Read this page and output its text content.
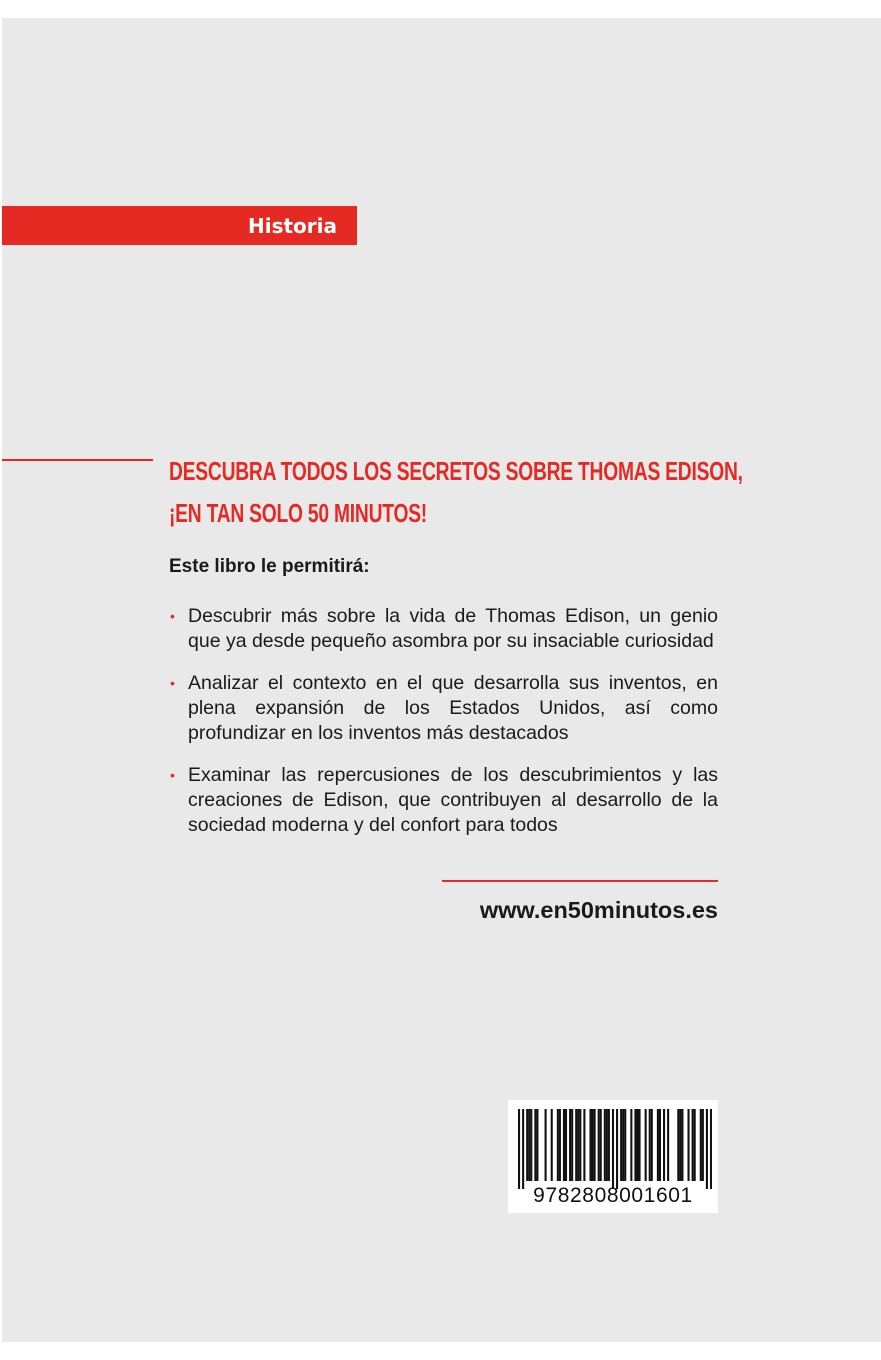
Historia
DESCUBRA TODOS LOS SECRETOS SOBRE THOMAS EDISON,
¡EN TAN SOLO 50 MINUTOS!
Este libro le permitirá:
• Descubrir más sobre la vida de Thomas Edison, un genio que ya desde pequeño asombra por su insaciable curiosidad
• Analizar el contexto en el que desarrolla sus inventos, en plena expansión de los Estados Unidos, así como profundizar en los inventos más destacados
• Examinar las repercusiones de los descubrimientos y las creaciones de Edison, que contribuyen al desarrollo de la sociedad moderna y del confort para todos
www.en50minutos.es
9782808001601
